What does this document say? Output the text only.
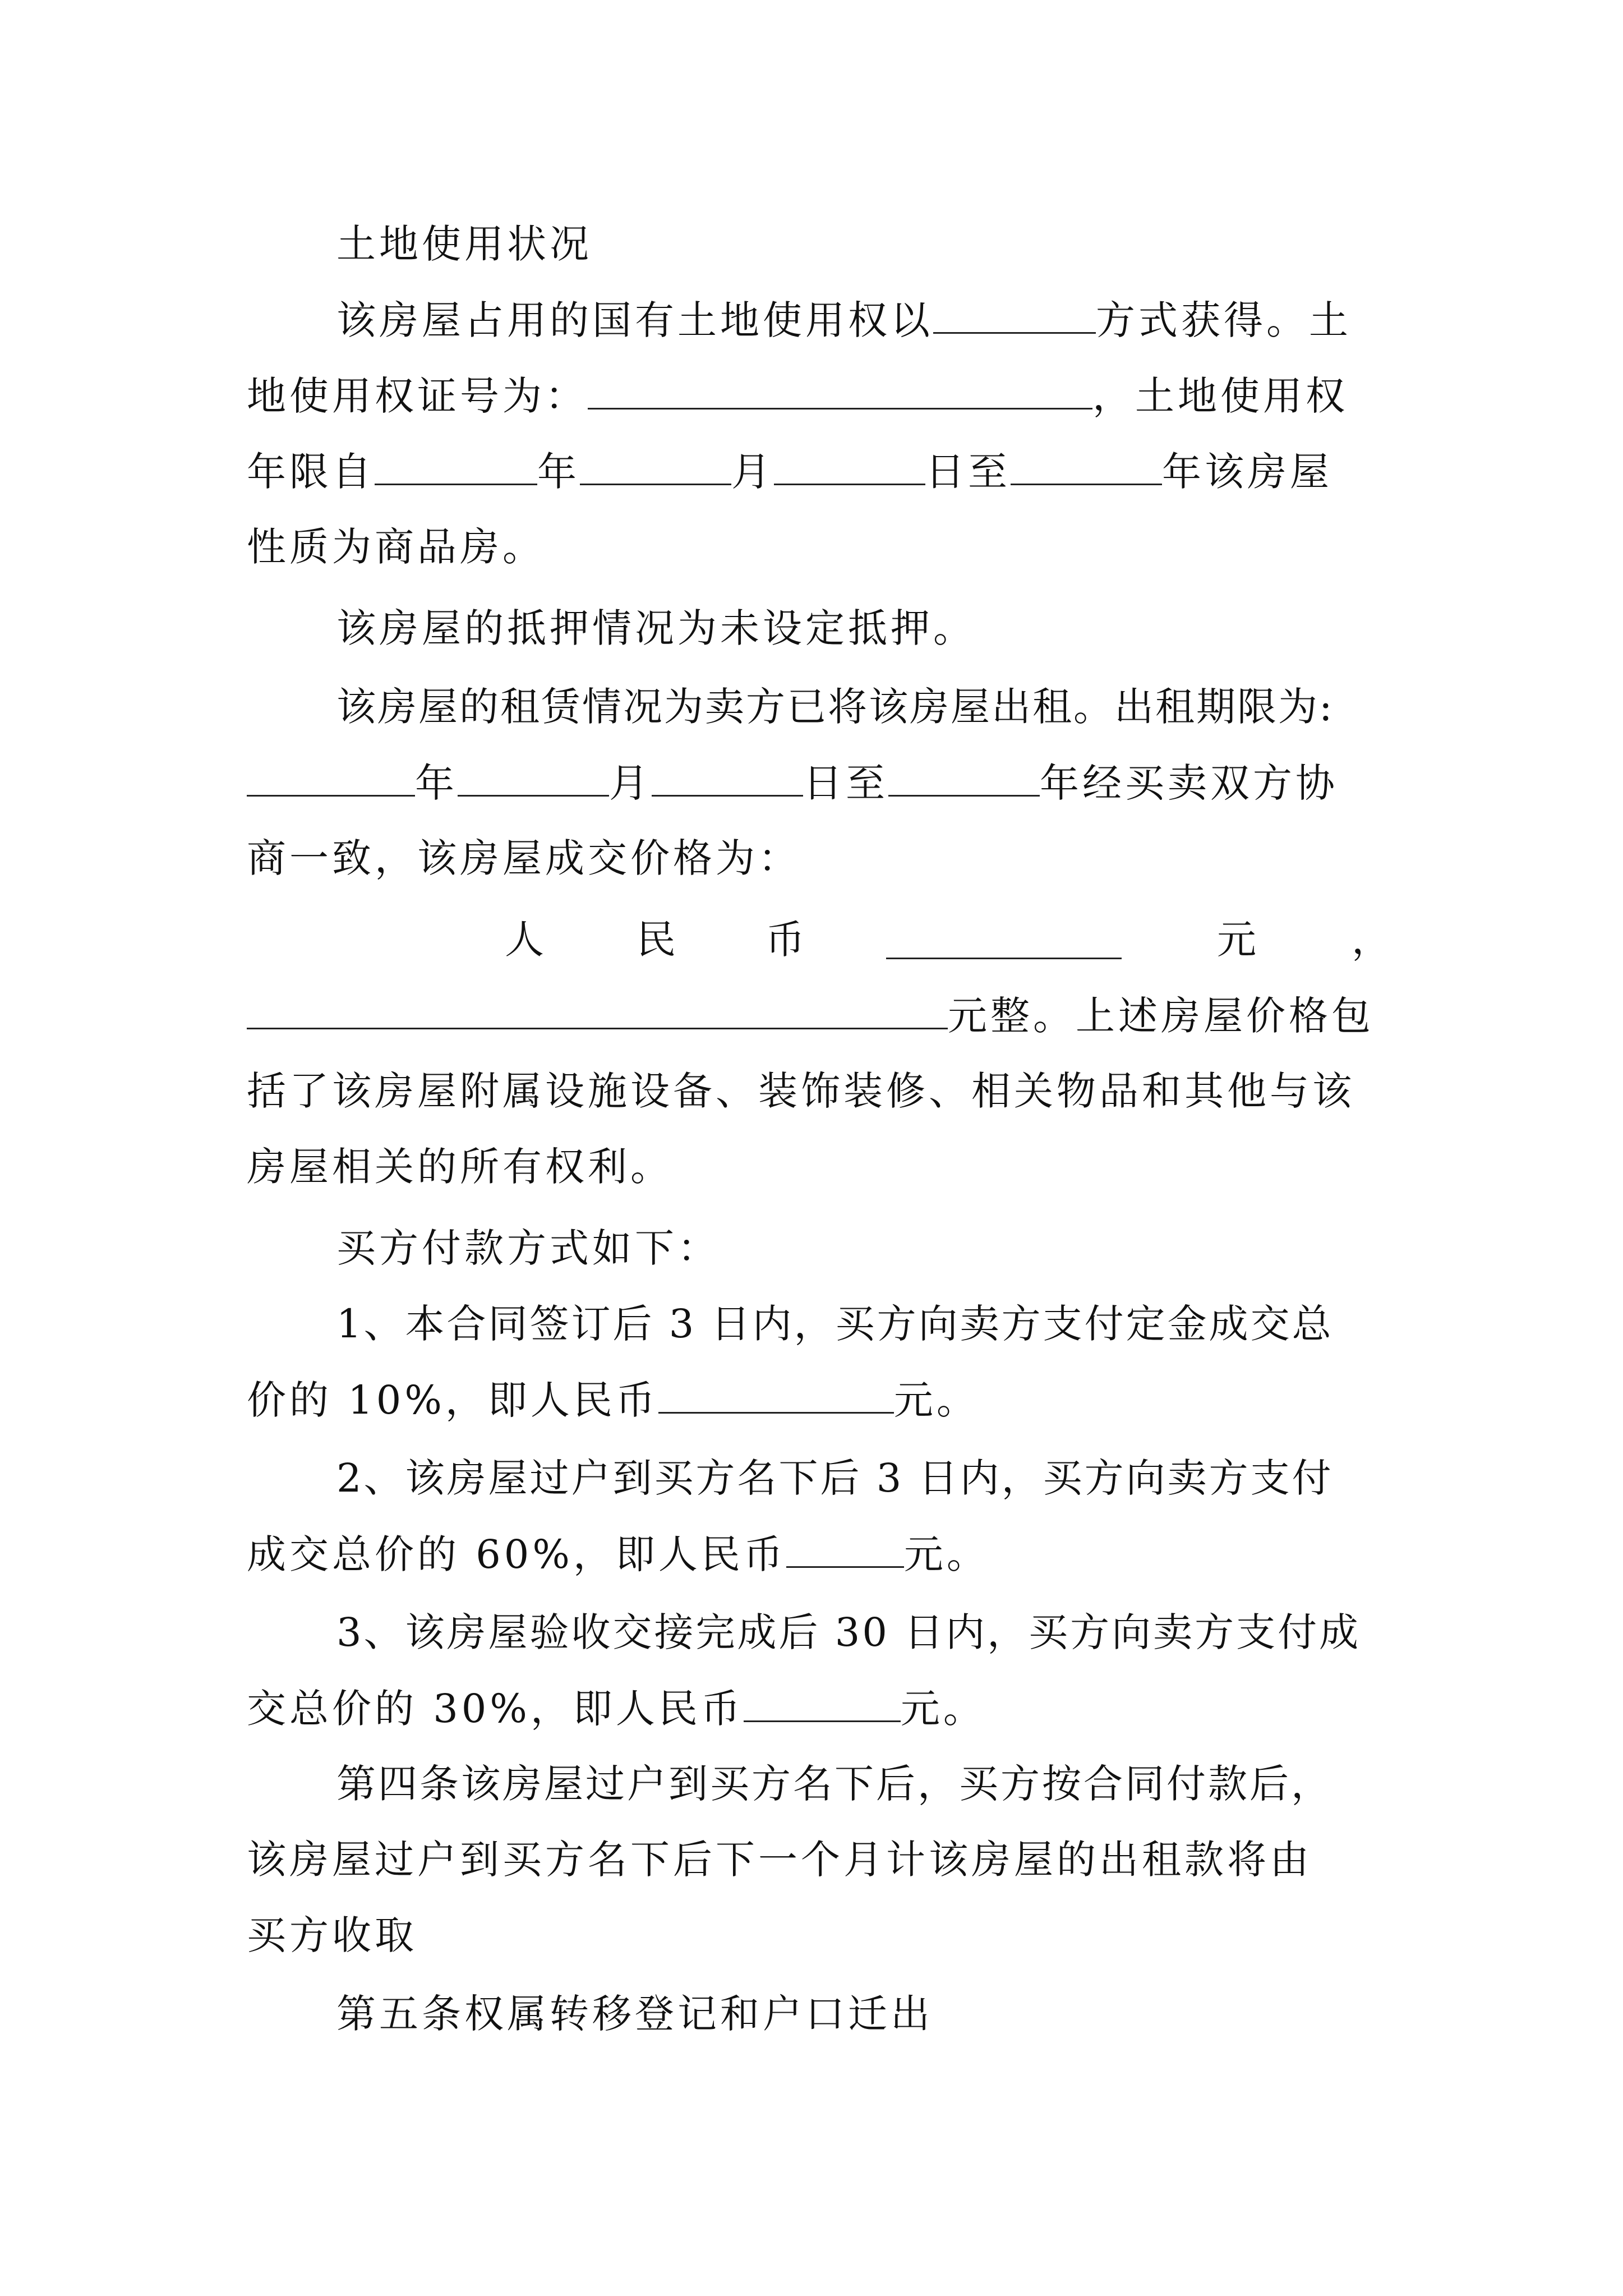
土地使用状况
该房屋占用的国有土地使用权以	方式获得。土
地使用权证号为：	，土地使用权
年限自	年	月	日至	年该房屋
性质为商品房。
该房屋的抵押情况为未设定抵押。
该房屋的租赁情况为卖方已将该房屋出租。出租期限为:
年	月	日至	年经买卖双方协
商一致，该房屋成交价格为：
人 民 币	元 ，
元整。上述房屋价格包
括了该房屋附属设施设备、装饰装修、相关物品和其他与该
房屋相关的所有权利。
买方付款方式如下：
1、本合同签订后 3 日内，买方向卖方支付定金成交总
价的 10%，即人民币	元。
2、该房屋过户到买方名下后 3 日内，买方向卖方支付
成交总价的 60%，即人民币	元。
3、该房屋验收交接完成后 30 日内，买方向卖方支付成
交总价的 30%，即人民币	元。
第四条该房屋过户到买方名下后，买方按合同付款后，
该房屋过户到买方名下后下一个月计该房屋的出租款将由
买方收取
第五条权属转移登记和户口迁出
